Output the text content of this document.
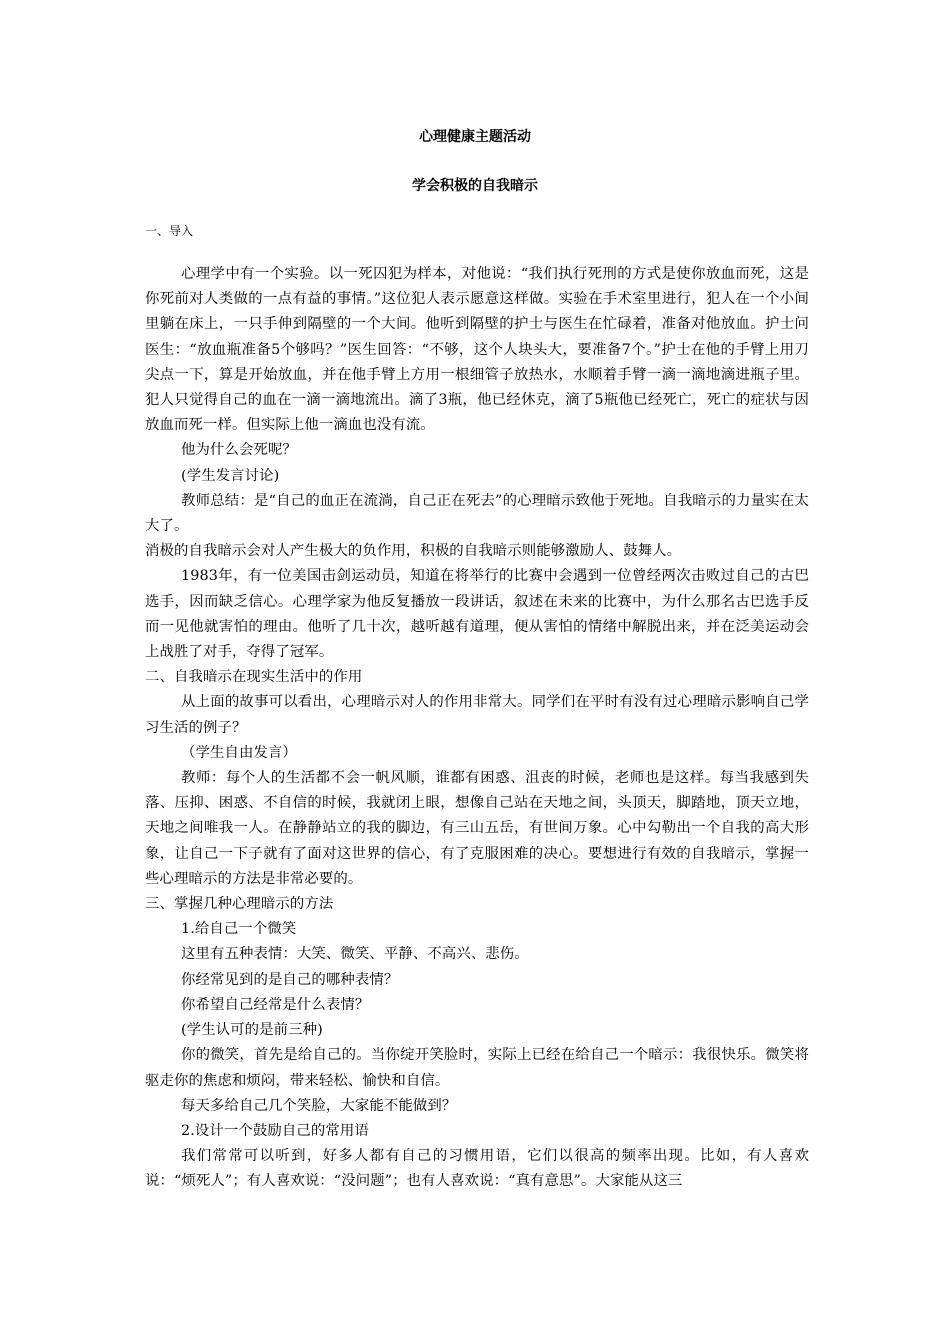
心理健康主题活动
学会积极的自我暗示
一、导入

心理学中有一个实验。以一死囚犯为样本，对他说：“我们执行死刑的方式是使你放血而死，这是你死前对人类做的一点有益的事情。”这位犯人表示愿意这样做。实验在手术室里进行，犯人在一个小间里躺在床上，一只手伸到隔壁的一个大间。他听到隔壁的护士与医生在忙碌着，准备对他放血。护士问医生：“放血瓶准备5个够吗？”医生回答：“不够，这个人块头大，要准备7个。”护士在他的手臂上用刀尖点一下，算是开始放血，并在他手臂上方用一根细管子放热水，水顺着手臂一滴一滴地滴进瓶子里。犯人只觉得自己的血在一滴一滴地流出。滴了3瓶，他已经休克，滴了5瓶他已经死亡，死亡的症状与因放血而死一样。但实际上他一滴血也没有流。

他为什么会死呢？

(学生发言讨论)

教师总结：是“自己的血正在流淌，自己正在死去”的心理暗示致他于死地。自我暗示的力量实在太大了。

消极的自我暗示会对人产生极大的负作用，积极的自我暗示则能够激励人、鼓舞人。

1983年，有一位美国击剑运动员，知道在将举行的比赛中会遇到一位曾经两次击败过自己的古巴选手，因而缺乏信心。心理学家为他反复播放一段讲话，叙述在未来的比赛中，为什么那名古巴选手反而一见他就害怕的理由。他听了几十次，越听越有道理，便从害怕的情绪中解脱出来，并在泛美运动会上战胜了对手，夺得了冠军。

二、自我暗示在现实生活中的作用

从上面的故事可以看出，心理暗示对人的作用非常大。同学们在平时有没有过心理暗示影响自己学习生活的例子？

（学生自由发言）

教师：每个人的生活都不会一帆风顺，谁都有困惑、沮丧的时候，老师也是这样。每当我感到失落、压抑、困惑、不自信的时候，我就闭上眼，想像自己站在天地之间，头顶天，脚踏地，顶天立地，天地之间唯我一人。在静静站立的我的脚边，有三山五岳，有世间万象。心中勾勒出一个自我的高大形象，让自己一下子就有了面对这世界的信心，有了克服困难的决心。要想进行有效的自我暗示，掌握一些心理暗示的方法是非常必要的。

三、掌握几种心理暗示的方法

1.给自己一个微笑

这里有五种表情：大笑、微笑、平静、不高兴、悲伤。

你经常见到的是自己的哪种表情？

你希望自己经常是什么表情？

(学生认可的是前三种)

你的微笑，首先是给自己的。当你绽开笑脸时，实际上已经在给自己一个暗示：我很快乐。微笑将驱走你的焦虑和烦闷，带来轻松、愉快和自信。

每天多给自己几个笑脸，大家能不能做到？

2.设计一个鼓励自己的常用语

我们常常可以听到，好多人都有自己的习惯用语，它们以很高的频率出现。比如，有人喜欢说：“烦死人”；有人喜欢说：“没问题”；也有人喜欢说：“真有意思”。大家能从这三
